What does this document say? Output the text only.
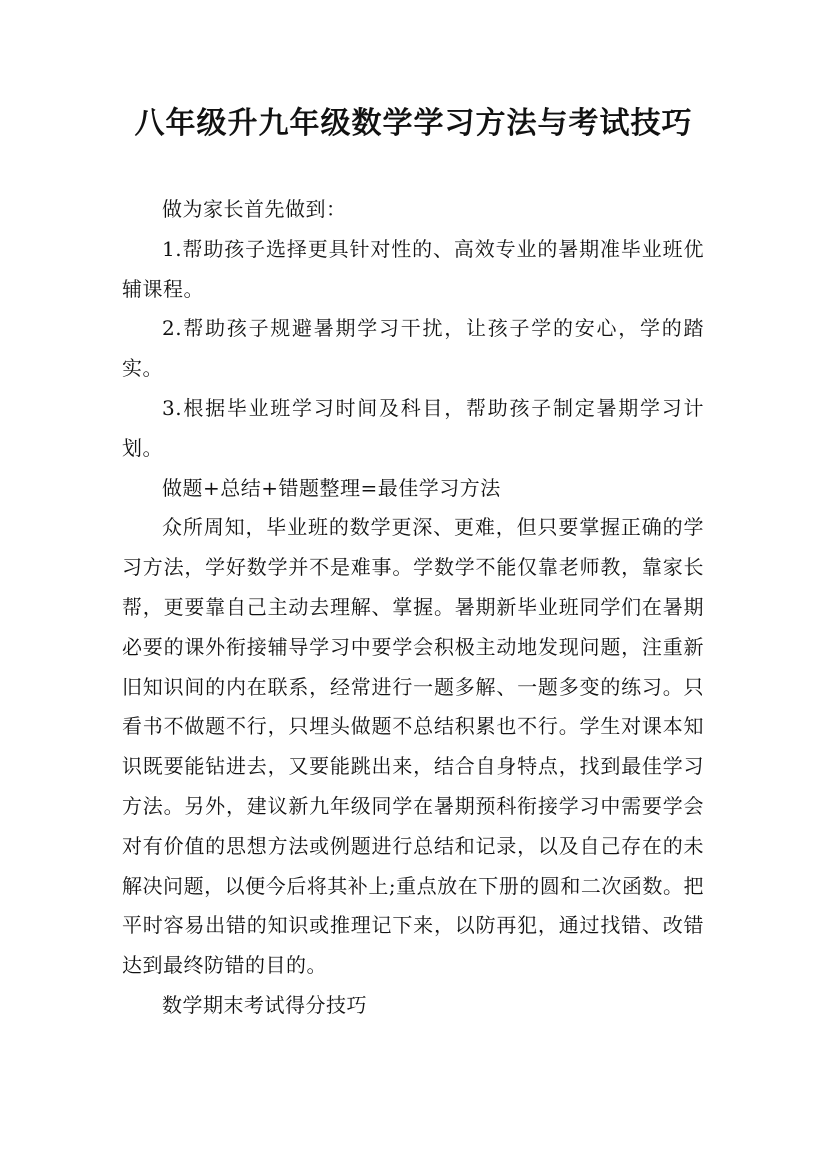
八年级升九年级数学学习方法与考试技巧

做为家长首先做到：

1.帮助孩子选择更具针对性的、高效专业的暑期准毕业班优辅课程。

2.帮助孩子规避暑期学习干扰，让孩子学的安心，学的踏实。

3.根据毕业班学习时间及科目，帮助孩子制定暑期学习计划。

做题+总结+错题整理=最佳学习方法

众所周知，毕业班的数学更深、更难，但只要掌握正确的学习方法，学好数学并不是难事。学数学不能仅靠老师教，靠家长帮，更要靠自己主动去理解、掌握。暑期新毕业班同学们在暑期必要的课外衔接辅导学习中要学会积极主动地发现问题，注重新旧知识间的内在联系，经常进行一题多解、一题多变的练习。只看书不做题不行，只埋头做题不总结积累也不行。学生对课本知识既要能钻进去，又要能跳出来，结合自身特点，找到最佳学习方法。另外，建议新九年级同学在暑期预科衔接学习中需要学会对有价值的思想方法或例题进行总结和记录，以及自己存在的未解决问题，以便今后将其补上;重点放在下册的圆和二次函数。把平时容易出错的知识或推理记下来，以防再犯，通过找错、改错达到最终防错的目的。

数学期末考试得分技巧
